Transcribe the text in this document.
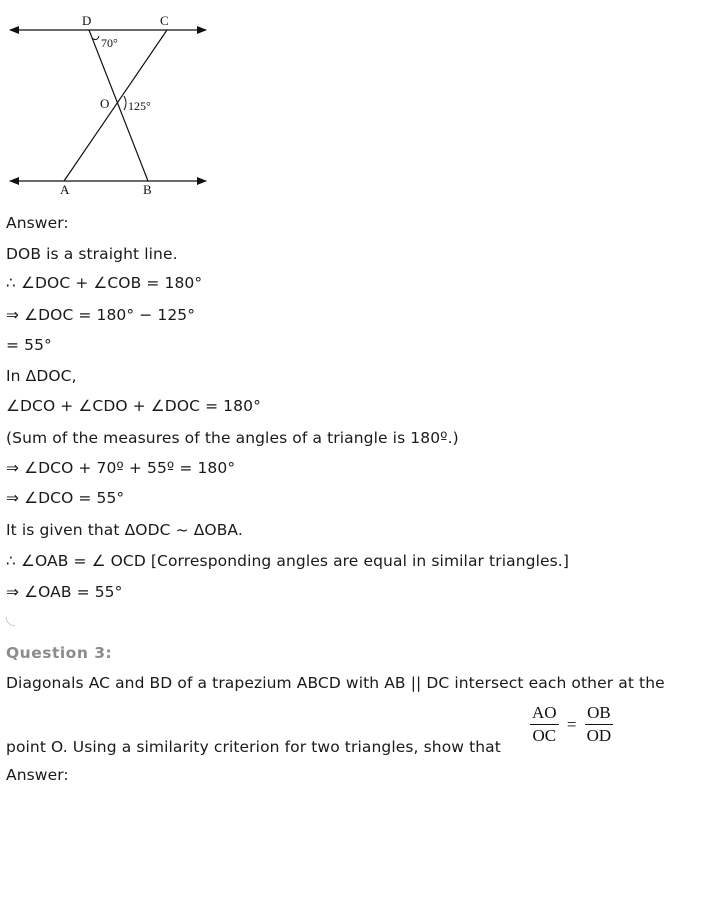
D	C
O
A	B
70°
125°
Answer:
DOB is a straight line.
∴ ∠DOC + ∠COB = 180°
⇒ ∠DOC = 180° − 125°
= 55°
In ΔDOC,
∠DCO + ∠CDO + ∠DOC = 180°
(Sum of the measures of the angles of a triangle is 180º.)
⇒ ∠DCO + 70º + 55º = 180°
⇒ ∠DCO = 55°
It is given that ΔODC ~ ΔOBA.
∴ ∠OAB = ∠ OCD [Corresponding angles are equal in similar triangles.]
⇒ ∠OAB = 55°
Question 3:
Diagonals AC and BD of a trapezium ABCD with AB || DC intersect each other at the
point O. Using a similarity criterion for two triangles, show that $\frac{AO}{OC} = \frac{OB}{OD}$
Answer:
